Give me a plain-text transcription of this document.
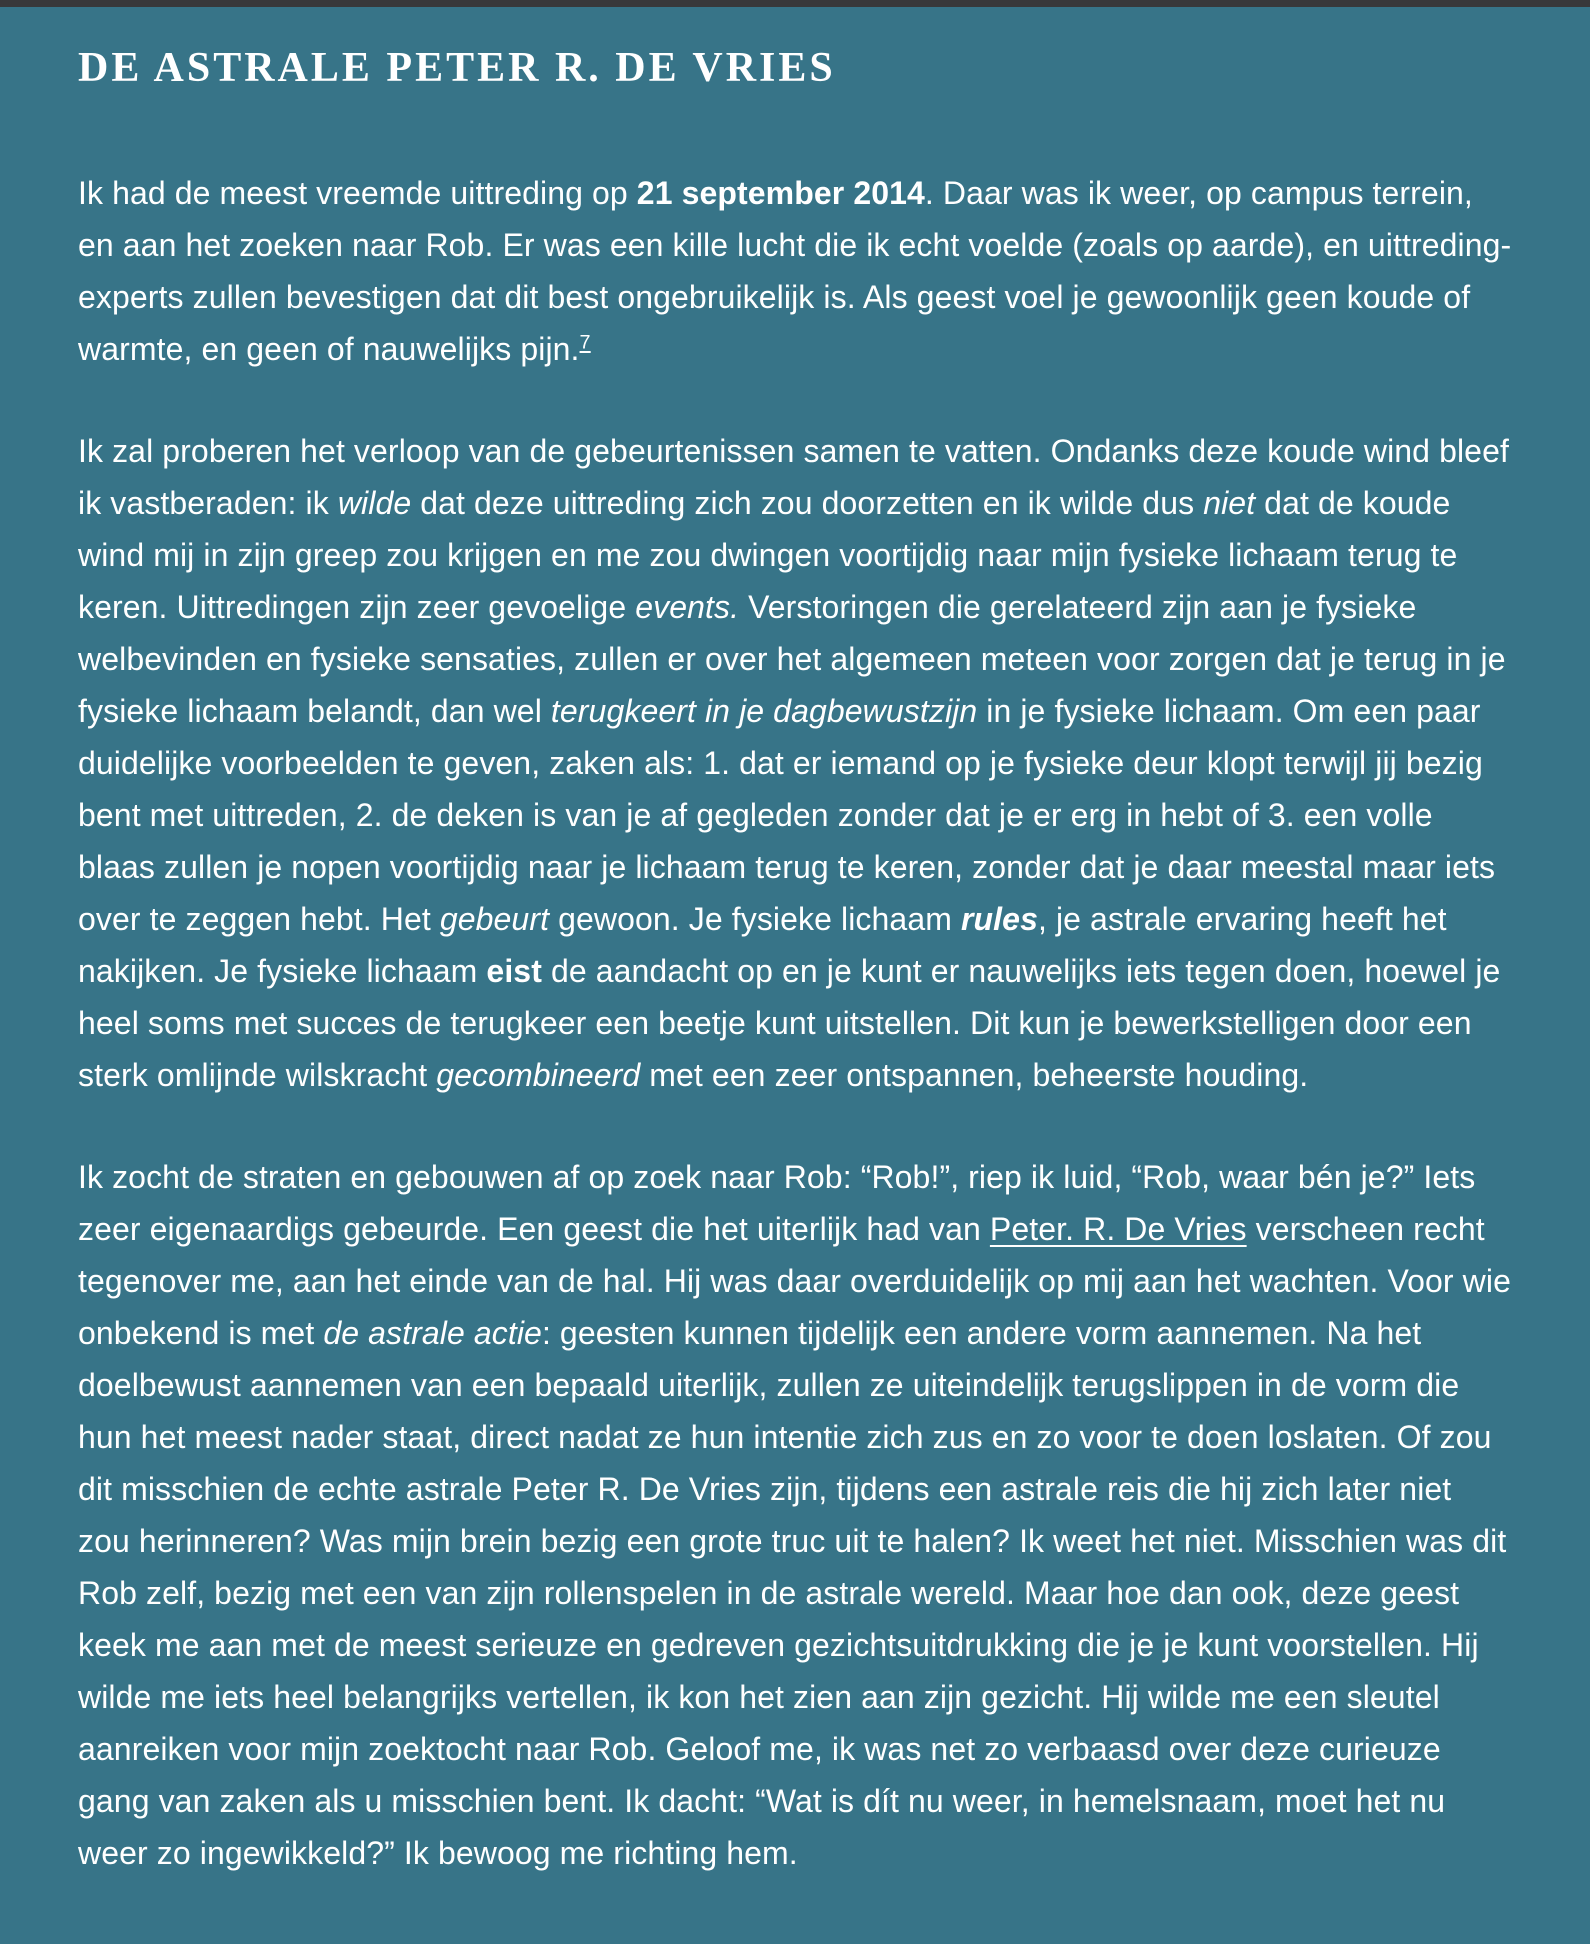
DE ASTRALE PETER R. DE VRIES

Ik had de meest vreemde uittreding op 21 september 2014. Daar was ik weer, op campus terrein, en aan het zoeken naar Rob. Er was een kille lucht die ik echt voelde (zoals op aarde), en uittreding-experts zullen bevestigen dat dit best ongebruikelijk is. Als geest voel je gewoonlijk geen koude of warmte, en geen of nauwelijks pijn.$^7$

Ik zal proberen het verloop van de gebeurtenissen samen te vatten. Ondanks deze koude wind bleef ik vastberaden: ik wilde dat deze uittreding zich zou doorzetten en ik wilde dus niet dat de koude wind mij in zijn greep zou krijgen en me zou dwingen voortijdig naar mijn fysieke lichaam terug te keren. Uittredingen zijn zeer gevoelige events. Verstoringen die gerelateerd zijn aan je fysieke welbevinden en fysieke sensaties, zullen er over het algemeen meteen voor zorgen dat je terug in je fysieke lichaam belandt, dan wel terugkeert in je dagbewustzijn in je fysieke lichaam. Om een paar duidelijke voorbeelden te geven, zaken als: 1. dat er iemand op je fysieke deur klopt terwijl jij bezig bent met uittreden, 2. de deken is van je af gegleden zonder dat je er erg in hebt of 3. een volle blaas zullen je nopen voortijdig naar je lichaam terug te keren, zonder dat je daar meestal maar iets over te zeggen hebt. Het gebeurt gewoon. Je fysieke lichaam rules, je astrale ervaring heeft het nakijken. Je fysieke lichaam eist de aandacht op en je kunt er nauwelijks iets tegen doen, hoewel je heel soms met succes de terugkeer een beetje kunt uitstellen. Dit kun je bewerkstelligen door een sterk omlijnde wilskracht gecombineerd met een zeer ontspannen, beheerste houding.

Ik zocht de straten en gebouwen af op zoek naar Rob: “Rob!”, riep ik luid, “Rob, waar bén je?” Iets zeer eigenaardigs gebeurde. Een geest die het uiterlijk had van Peter. R. De Vries verscheen recht tegenover me, aan het einde van de hal. Hij was daar overduidelijk op mij aan het wachten. Voor wie onbekend is met de astrale actie: geesten kunnen tijdelijk een andere vorm aannemen. Na het doelbewust aannemen van een bepaald uiterlijk, zullen ze uiteindelijk terugslippen in de vorm die hun het meest nader staat, direct nadat ze hun intentie zich zus en zo voor te doen loslaten. Of zou dit misschien de echte astrale Peter R. De Vries zijn, tijdens een astrale reis die hij zich later niet zou herinneren? Was mijn brein bezig een grote truc uit te halen? Ik weet het niet. Misschien was dit Rob zelf, bezig met een van zijn rollenspelen in de astrale wereld. Maar hoe dan ook, deze geest keek me aan met de meest serieuze en gedreven gezichtsuitdrukking die je je kunt voorstellen. Hij wilde me iets heel belangrijks vertellen, ik kon het zien aan zijn gezicht. Hij wilde me een sleutel aanreiken voor mijn zoektocht naar Rob. Geloof me, ik was net zo verbaasd over deze curieuze gang van zaken als u misschien bent. Ik dacht: “Wat is dít nu weer, in hemelsnaam, moet het nu weer zo ingewikkeld?” Ik bewoog me richting hem.
